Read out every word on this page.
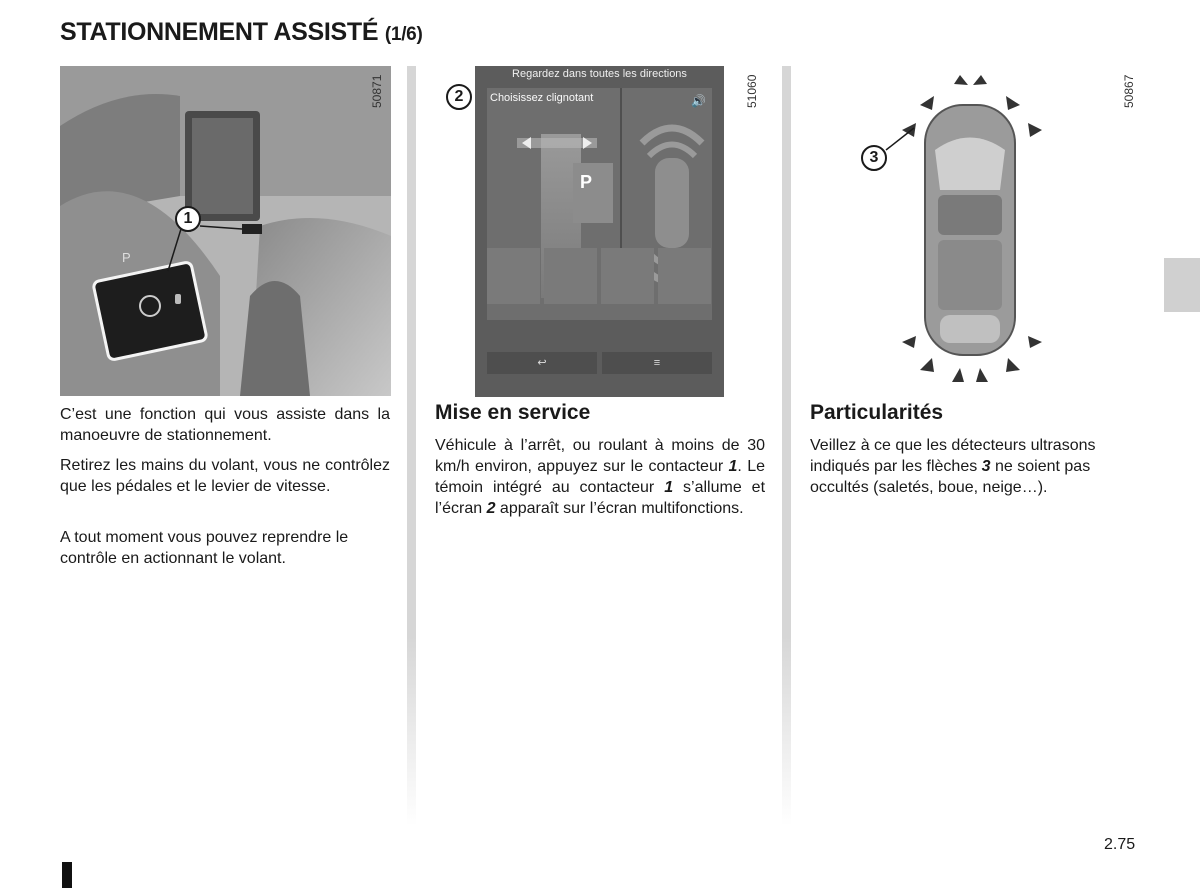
STATIONNEMENT ASSISTÉ (1/6)
1
P
50871
C’est une fonction qui vous assiste dans la manoeuvre de stationnement.
Retirez les mains du volant, vous ne contrôlez que les pédales et le levier de vitesse.
A tout moment vous pouvez reprendre le contrôle en actionnant le volant.
2	51060
Regardez dans toutes les directions
Choisissez clignotant	🔊
P
↩	≡
Mise en service
Véhicule à l’arrêt, ou roulant à moins de 30 km/h environ, appuyez sur le contacteur 1. Le témoin intégré au contacteur 1 s’allume et l’écran 2 apparaît sur l’écran multifonctions.
50867
3
Particularités
Veillez à ce que les détecteurs ultrasons indiqués par les flèches 3 ne soient pas occultés (saletés, boue, neige…).
2.75
